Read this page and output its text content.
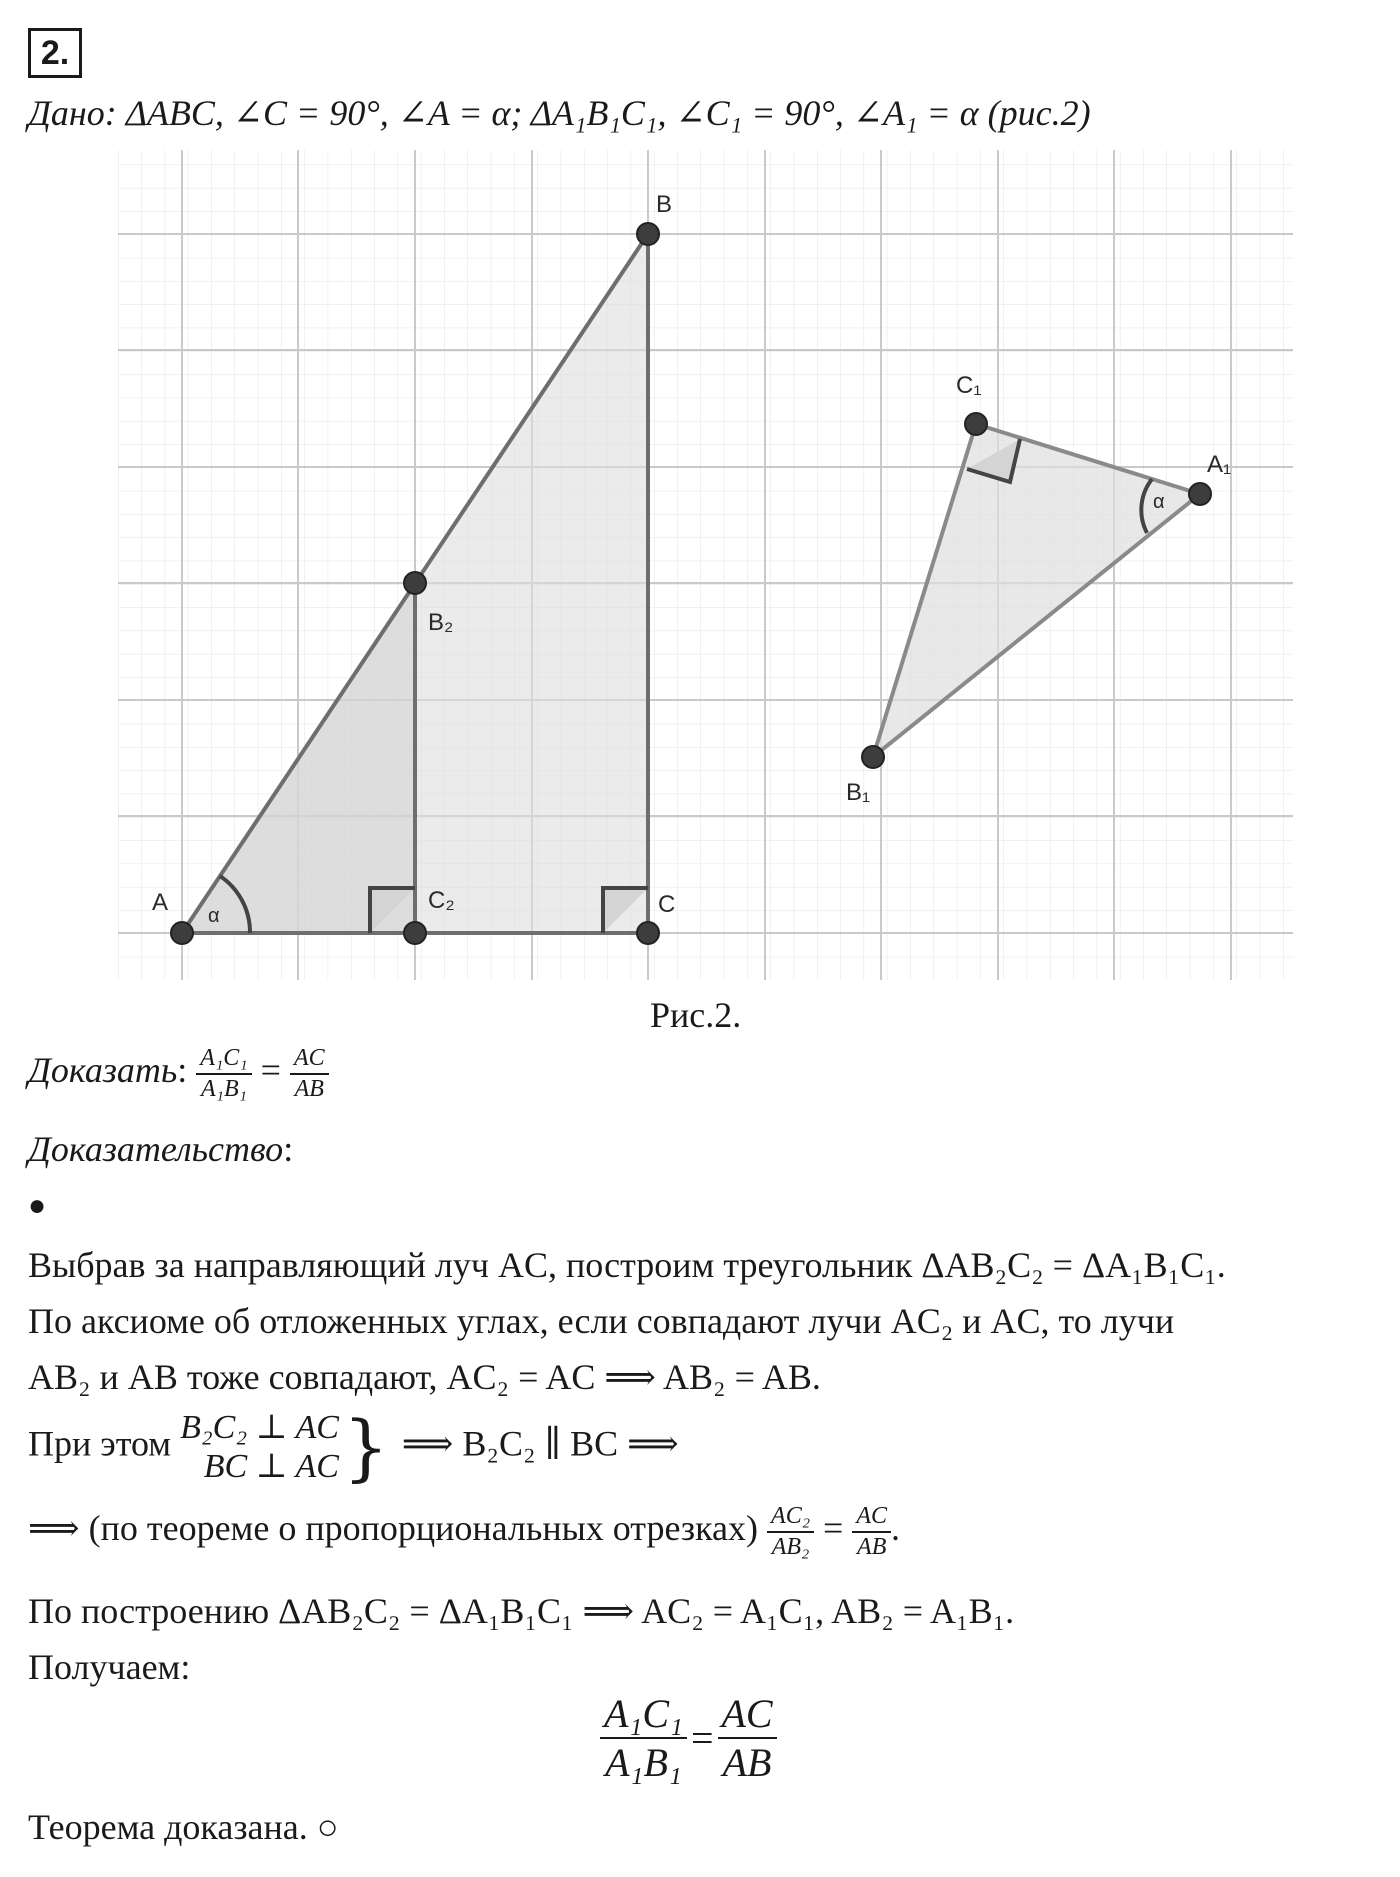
2.
Дано: ΔABC, ∠C = 90°, ∠A = α; ΔA₁B₁C₁, ∠C₁ = 90°, ∠A₁ = α (рис.2)
A
B
C
B₂
C₂
C₁
A₁
B₁
α
α
Рис.2.
Доказать: $\frac{\text{A₁C₁}}{\text{A₁B₁}} = \frac{AC}{AB}$
Доказательство:
●
Выбрав за направляющий луч AC, построим треугольник ΔAB₂C₂ = ΔA₁B₁C₁.
По аксиоме об отложенных углах, если совпадают лучи AC₂ и AC, то лучи
AB₂ и AB тоже совпадают, AC₂ = AC ⟹ AB₂ = AB.
При этом B₂C₂ ⊥ AC
BC ⊥ AC } ⟹ B₂C₂ ∥ BC ⟹
⟹ (по теореме о пропорциональных отрезках) $\frac{\text{AC₂}}{\text{AB₂}} = \frac{AC}{AB}$ .
По построению ΔAB₂C₂ = ΔA₁B₁C₁ ⟹ AC₂ = A₁C₁, AB₂ = A₁B₁.
Получаем:
$\frac{\text{A₁C₁}}{\text{A₁B₁}} = \frac{AC}{AB}$
Теорема доказана. ○
